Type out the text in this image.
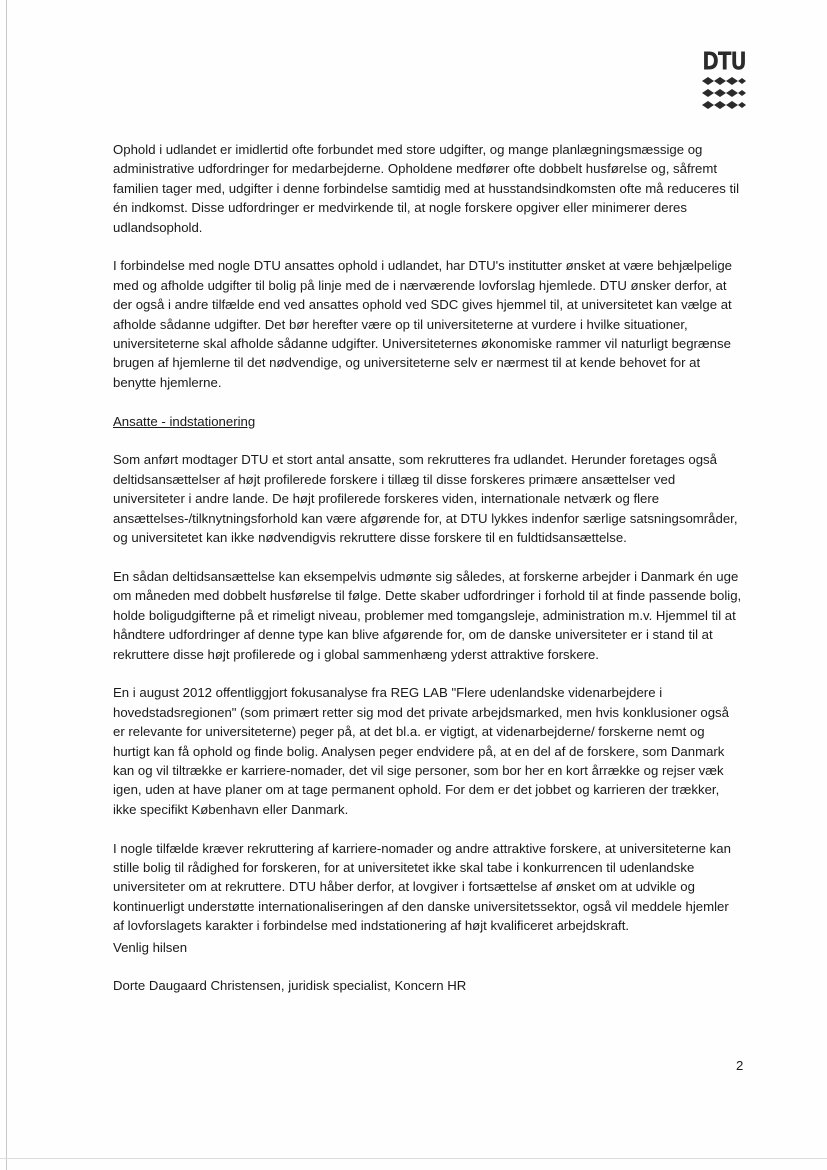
DTU

Ophold i udlandet er imidlertid ofte forbundet med store udgifter, og mange planlægningsmæssige og administrative udfordringer for medarbejderne. Opholdene medfører ofte dobbelt husførelse og, såfremt familien tager med, udgifter i denne forbindelse samtidig med at husstandsindkomsten ofte må reduceres til én indkomst. Disse udfordringer er medvirkende til, at nogle forskere opgiver eller minimerer deres udlandsophold.

I forbindelse med nogle DTU ansattes ophold i udlandet, har DTU's institutter ønsket at være behjælpelige med og afholde udgifter til bolig på linje med de i nærværende lovforslag hjemlede. DTU ønsker derfor, at der også i andre tilfælde end ved ansattes ophold ved SDC gives hjemmel til, at universitetet kan vælge at afholde sådanne udgifter. Det bør herefter være op til universiteterne at vurdere i hvilke situationer, universiteterne skal afholde sådanne udgifter. Universiteternes økonomiske rammer vil naturligt begrænse brugen af hjemlerne til det nødvendige, og universiteterne selv er nærmest til at kende behovet for at benytte hjemlerne.

Ansatte - indstationering

Som anført modtager DTU et stort antal ansatte, som rekrutteres fra udlandet. Herunder foretages også deltidsansættelser af højt profilerede forskere i tillæg til disse forskeres primære ansættelser ved universiteter i andre lande. De højt profilerede forskeres viden, internationale netværk og flere ansættelses-/tilknytningsforhold kan være afgørende for, at DTU lykkes indenfor særlige satsningsområder, og universitetet kan ikke nødvendigvis rekruttere disse forskere til en fuldtidsansættelse.

En sådan deltidsansættelse kan eksempelvis udmønte sig således, at forskerne arbejder i Danmark én uge om måneden med dobbelt husførelse til følge. Dette skaber udfordringer i forhold til at finde passende bolig, holde boligudgifterne på et rimeligt niveau, problemer med tomgangsleje, administration m.v. Hjemmel til at håndtere udfordringer af denne type kan blive afgørende for, om de danske universiteter er i stand til at rekruttere disse højt profilerede og i global sammenhæng yderst attraktive forskere.

En i august 2012 offentliggjort fokusanalyse fra REG LAB "Flere udenlandske videnarbejdere i hovedstadsregionen" (som primært retter sig mod det private arbejdsmarked, men hvis konklusioner også er relevante for universiteterne) peger på, at det bl.a. er vigtigt, at videnarbejderne/ forskerne nemt og hurtigt kan få ophold og finde bolig. Analysen peger endvidere på, at en del af de forskere, som Danmark kan og vil tiltrække er karriere-nomader, det vil sige personer, som bor her en kort årrække og rejser væk igen, uden at have planer om at tage permanent ophold. For dem er det jobbet og karrieren der trækker, ikke specifikt København eller Danmark.

I nogle tilfælde kræver rekruttering af karriere-nomader og andre attraktive forskere, at universiteterne kan stille bolig til rådighed for forskeren, for at universitetet ikke skal tabe i konkurrencen til udenlandske universiteter om at rekruttere. DTU håber derfor, at lovgiver i fortsættelse af ønsket om at udvikle og kontinuerligt understøtte internationaliseringen af den danske universitetssektor, også vil meddele hjemler af lovforslagets karakter i forbindelse med indstationering af højt kvalificeret arbejdskraft.

Venlig hilsen
Dorte Daugaard Christensen, juridisk specialist, Koncern HR
2
